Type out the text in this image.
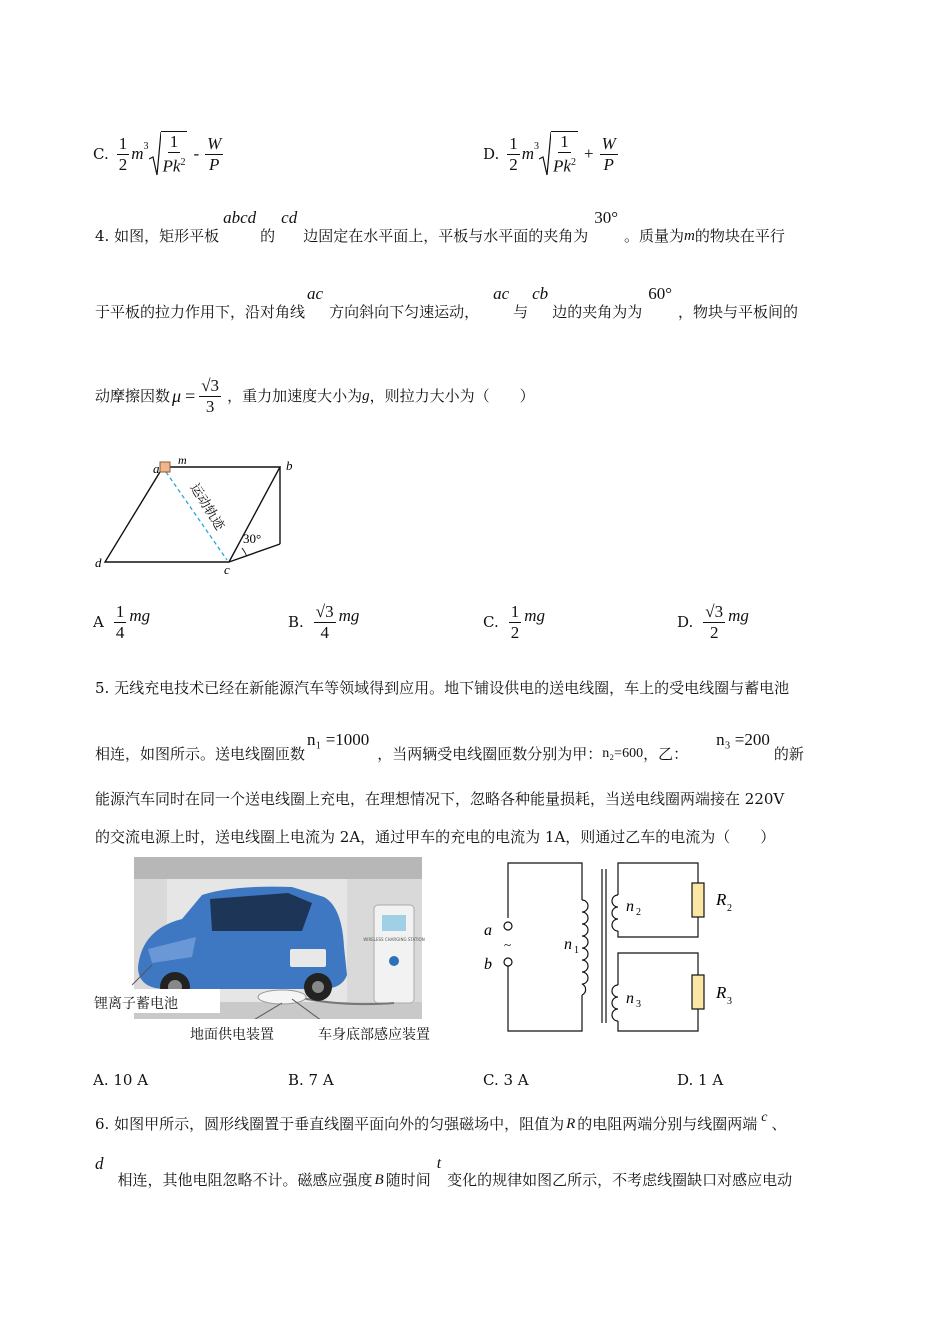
C. $\frac{1}{2}$ m $3 \frac{1}{Pk^2} - \frac{W}{P}$	D. $\frac{1}{2}$ m $3 \frac{1}{Pk^2} + \frac{W}{P}$
4. 如图，矩形平板
abcd
的
cd
边固定在水平面上，平板与水平面的夹角为
30°
。质量为 m 的物块在平行
于平板的拉力作用下，沿对角线
ac
方向斜向下匀速运动，
ac
与
cb
边的夹角为为
60°
，物块与平板间的
动摩擦因数 $\mu = \frac{√3}{3}$ ，重力加速度大小为 g ，则拉力大小为（　　）
a
m	b
c
d
30°
运动轨迹
A $\frac{1}{4}$ mg	B. $\frac{√3}{4}$ mg	C. $\frac{1}{2}$ mg	D. $\frac{√3}{2}$ mg
5. 无线充电技术已经在新能源汽车等领域得到应用。地下铺设供电的送电线圈，车上的受电线圈与蓄电池
相连，如图所示。送电线圈匝数
n₁ =1000
，当两辆受电线圈匝数分别为甲： n₂=600 ，乙：
n₃ =200
的新
能源汽车同时在同一个送电线圈上充电，在理想情况下，忽略各种能量损耗，当送电线圈两端接在 220V
的交流电源上时，送电线圈上电流为 2A，通过甲车的充电的电流为 1A，则通过乙车的电流为（　　）
WIRELESS CHARGING STATION
锂离子蓄电池
地面供电装置	车身底部感应装置
a
b
~	n 1
n 2
n 3
R 2
R 3
A. 10 A	B. 7 A	C. 3 A	D. 1 A
6. 如图甲所示，圆形线圈置于垂直线圈平面向外的匀强磁场中，阻值为 R 的电阻两端分别与线圈两端 c 、
d
相连，其他电阻忽略不计。磁感应强度 B 随时间
t
变化的规律如图乙所示，不考虑线圈缺口对感应电动
